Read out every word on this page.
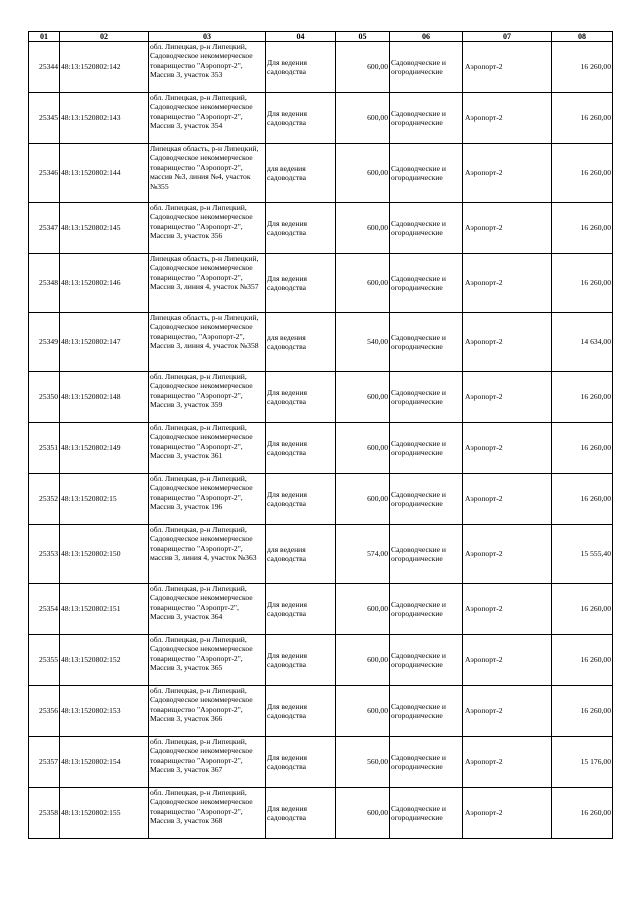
01	02	03	04	05	06	07	08
25344	48:13:1520802:142	обл. Липецкая, р-н Липецкий, Садоводческое некоммерческое товарищество "Аэропорт-2", Массив 3, участок 353	Для ведения садоводства	600,00	Садоводческие и огороднические	Аэропорт-2	16 260,00
25345	48:13:1520802:143	обл. Липецкая, р-н Липецкий, Садоводческое некоммерческое товарищество "Аэропорт-2", Массив 3, участок 354	Для ведения садоводства	600,00	Садоводческие и огороднические	Аэропорт-2	16 260,00
25346	48:13:1520802:144	Липецкая область, р-н Липецкий, Садоводческое некоммерческое товарищество "Аэропорт-2", массив №3, линия №4, участок №355	для ведения садоводства	600,00	Садоводческие и огороднические	Аэропорт-2	16 260,00
25347	48:13:1520802:145	обл. Липецкая, р-н Липецкий, Садоводческое некоммерческое товарищество "Аэропорт-2", Массив 3, участок 356	Для ведения садоводства	600,00	Садоводческие и огороднические	Аэропорт-2	16 260,00
25348	48:13:1520802:146	Липецкая область, р-н Липецкий, Садоводческое некоммерческое товарищество "Аэропорт-2", Массив 3, линия 4, участок №357	Для ведения садоводства	600,00	Садоводческие и огороднические	Аэропорт-2	16 260,00
25349	48:13:1520802:147	Липецкая область, р-н Липецкий, Садоводческое некоммерческое товарищество, "Аэропорт-2", Массив 3, линия 4, участок №358	для ведения садоводства	540,00	Садоводческие и огороднические	Аэропорт-2	14 634,00
25350	48:13:1520802:148	обл. Липецкая, р-н Липецкий, Садоводческое некоммерческое товарищество "Аэропорт-2", Массив 3, участок 359	Для ведения садоводства	600,00	Садоводческие и огороднические	Аэропорт-2	16 260,00
25351	48:13:1520802:149	обл. Липецкая, р-н Липецкий, Садоводческое некоммерческое товарищество "Аэропорт-2", Массив 3, участок 361	Для ведения садоводства	600,00	Садоводческие и огороднические	Аэропорт-2	16 260,00
25352	48:13:1520802:15	обл. Липецкая, р-н Липецкий, Садоводческое некоммерческое товарищество "Аэропорт-2", Массив 3, участок 196	Для ведения садоводства	600,00	Садоводческие и огороднические	Аэропорт-2	16 260,00
25353	48:13:1520802:150	обл. Липецкая, р-н Липецкий, Садоводческое некоммерческое товарищество "Аэропорт-2", массив 3, линия 4, участок №363	для ведения садоводства	574,00	Садоводческие и огороднические	Аэропорт-2	15 555,40
25354	48:13:1520802:151	обл. Липецкая, р-н Липецкий, Садоводческое некоммерческое товарищество "Аэропрт-2", Массив 3, участок 364	Для ведения садоводства	600,00	Садоводческие и огороднические	Аэропорт-2	16 260,00
25355	48:13:1520802:152	обл. Липецкая, р-н Липецкий, Садоводческое некоммерческое товарищество "Аэропорт-2", Массив 3, участок 365	Для ведения садоводства	600,00	Садоводческие и огороднические	Аэропорт-2	16 260,00
25356	48:13:1520802:153	обл. Липецкая, р-н Липецкий, Садоводческое некоммерческое товарищество "Аэропорт-2", Массив 3, участок 366	Для ведения садоводства	600,00	Садоводческие и огороднические	Аэропорт-2	16 260,00
25357	48:13:1520802:154	обл. Липецкая, р-н Липецкий, Садоводческое некоммерческое товарищество "Аэропорт-2", Массив 3, участок 367	Для ведения садоводства	560,00	Садоводческие и огороднические	Аэропорт-2	15 176,00
25358	48:13:1520802:155	обл. Липецкая, р-н Липецкий, Садоводческое некоммерческое товарищество "Аэропорт-2", Массив 3, участок 368	Для ведения садоводства	600,00	Садоводческие и огороднические	Аэропорт-2	16 260,00
